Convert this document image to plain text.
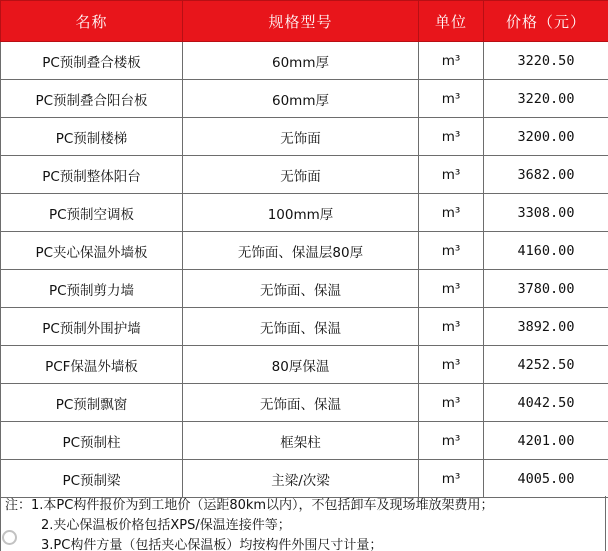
名称	规格型号	单位	价格（元）
PC预制叠合楼板	60mm厚	m³	3220.50
PC预制叠合阳台板	60mm厚	m³	3220.00
PC预制楼梯	无饰面	m³	3200.00
PC预制整体阳台	无饰面	m³	3682.00
PC预制空调板	100mm厚	m³	3308.00
PC夹心保温外墙板	无饰面、保温层80厚	m³	4160.00
PC预制剪力墙	无饰面、保温	m³	3780.00
PC预制外围护墙	无饰面、保温	m³	3892.00
PCF保温外墙板	80厚保温	m³	4252.50
PC预制飘窗	无饰面、保温	m³	4042.50
PC预制柱	框架柱	m³	4201.00
PC预制梁	主梁/次梁	m³	4005.00
注：1.本PC构件报价为到工地价（运距80km以内），不包括卸车及现场堆放架费用；
2.夹心保温板价格包括XPS/保温连接件等；
3.PC构件方量（包括夹心保温板）均按构件外围尺寸计量；
